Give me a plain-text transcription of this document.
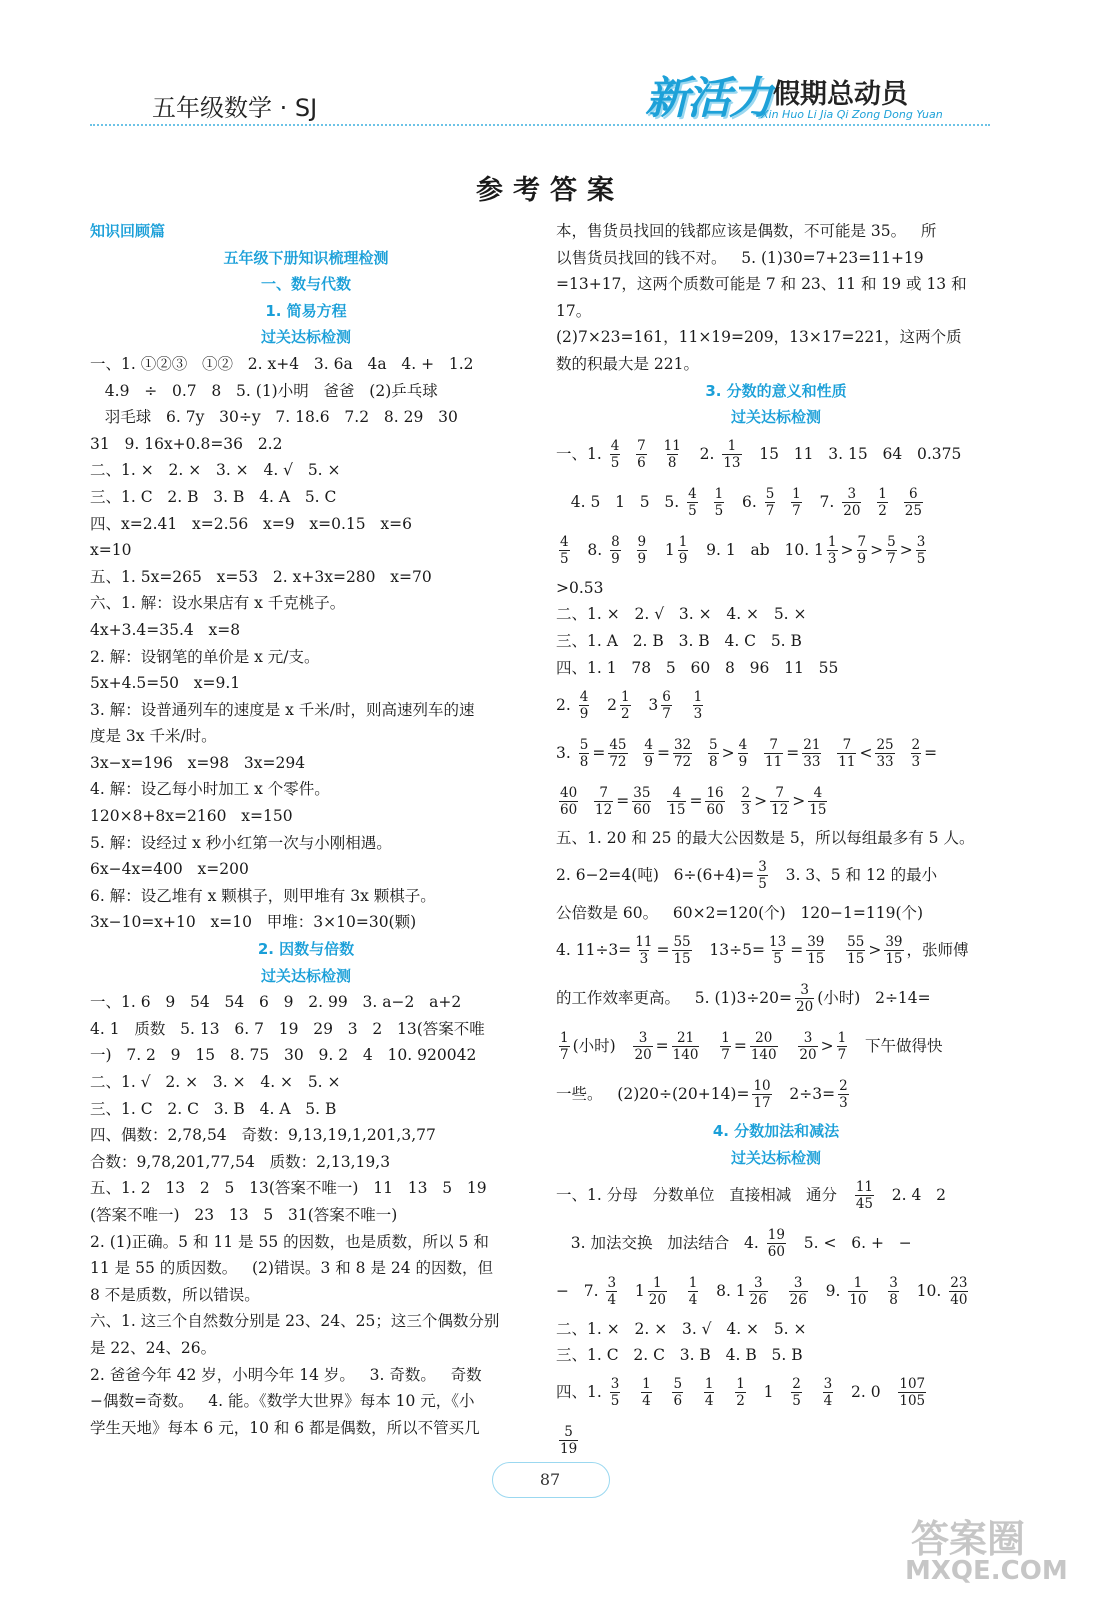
五年级数学 · SJ	新活力 假期总动员
Xin Huo Li Jia Qi Zong Dong Yuan
参考答案
知识回顾篇
五年级下册知识梳理检测
一、数与代数
1. 简易方程
过关达标检测
一、1. ①②③   ①②   2. x+4   3. 6a   4a   4. +   1.2
4.9   ÷   0.7   8   5. (1)小明   爸爸   (2)乒乓球
羽毛球   6. 7y   30÷y   7. 18.6   7.2   8. 29   30
31   9. 16x+0.8=36   2.2
二、1. ×   2. ×   3. ×   4. √   5. ×
三、1. C   2. B   3. B   4. A   5. C
四、x=2.41   x=2.56   x=9   x=0.15   x=6
x=10
五、1. 5x=265   x=53   2. x+3x=280   x=70
六、1. 解：设水果店有 x 千克桃子。
4x+3.4=35.4   x=8
2. 解：设钢笔的单价是 x 元/支。
5x+4.5=50   x=9.1
3. 解：设普通列车的速度是 x 千米/时，则高速列车的速
度是 3x 千米/时。
3x−x=196   x=98   3x=294
4. 解：设乙每小时加工 x 个零件。
120×8+8x=2160   x=150
5. 解：设经过 x 秒小红第一次与小刚相遇。
6x−4x=400   x=200
6. 解：设乙堆有 x 颗棋子，则甲堆有 3x 颗棋子。
3x−10=x+10   x=10   甲堆：3×10=30(颗)
2. 因数与倍数
过关达标检测
一、1. 6   9   54   54   6   9   2. 99   3. a−2   a+2
4. 1   质数   5. 13   6. 7   19   29   3   2   13(答案不唯
一)   7. 2   9   15   8. 75   30   9. 2   4   10. 920042
二、1. √   2. ×   3. ×   4. ×   5. ×
三、1. C   2. C   3. B   4. A   5. B
四、偶数：2,78,54   奇数：9,13,19,1,201,3,77
合数：9,78,201,77,54   质数：2,13,19,3
五、1. 2   13   2   5   13(答案不唯一)   11   13   5   19
(答案不唯一)   23   13   5   31(答案不唯一)
2. (1)正确。5 和 11 是 55 的因数，也是质数，所以 5 和
11 是 55 的质因数。   (2)错误。3 和 8 是 24 的因数，但
8 不是质数，所以错误。
六、1. 这三个自然数分别是 23、24、25；这三个偶数分别
是 22、24、26。
2. 爸爸今年 42 岁，小明今年 14 岁。   3. 奇数。   奇数
−偶数=奇数。   4. 能。《数学大世界》每本 10 元，《小
学生天地》每本 6 元，10 和 6 都是偶数，所以不管买几
本，售货员找回的钱都应该是偶数，不可能是 35。   所
以售货员找回的钱不对。   5. (1)30=7+23=11+19
=13+17，这两个质数可能是 7 和 23、11 和 19 或 13 和
17。
(2)7×23=161，11×19=209，13×17=221，这两个质
数的积最大是 221。
3. 分数的意义和性质
过关达标检测
一、1. $\frac{4}{5}$
$\frac{7}{6}$
$\frac{11}{8} 2$. $\frac{1}{13} 15$   11   3. 15   64   0.375
4. 5   1   5   5. $\frac{4}{5}$
$\frac{1}{5} 6$. $\frac{5}{7}$
$\frac{1}{7} 7$. $\frac{3}{20}$
$\frac{1}{2}$
$\frac{6}{25}$
$\frac{4}{5} 8$. $\frac{8}{9}$
$\frac{9}{9} 1 \frac{1}{9} 9$. 1   ab   10. $1 \frac{1}{3} > \frac{7}{9} > \frac{5}{7} > \frac{3}{5}$
>0.53
二、1. ×   2. √   3. ×   4. ×   5. ×
三、1. A   2. B   3. B   4. C   5. B
四、1. 1   78   5   60   8   96   11   55
2. $\frac{4}{9} 2 \frac{1}{2} 3 \frac{6}{7}$
$\frac{1}{3}$
3. $\frac{5}{8} = \frac{45}{72}$
$\frac{4}{9} = \frac{32}{72}$
$\frac{5}{8} > \frac{4}{9}$
$\frac{7}{11} = \frac{21}{33}$
$\frac{7}{11} < \frac{25}{33}$
$\frac{2}{3}$ =
$\frac{40}{60}$
$\frac{7}{12} = \frac{35}{60}$
$\frac{4}{15} = \frac{16}{60}$
$\frac{2}{3} > \frac{7}{12} > \frac{4}{15}$
五、1. 20 和 25 的最大公因数是 5，所以每组最多有 5 人。
2. 6−2=4(吨)   $6\div(6+4)= \frac{3}{5} 3$. 3、5 和 12 的最小
公倍数是 60。   60×2=120(个)   120−1=119(个)
4. $11\div 3= \frac{11}{3} = \frac{55}{15} 13\div 5= \frac{13}{5} = \frac{39}{15}$
$\frac{55}{15} > \frac{39}{15}$ ，张师傅
的工作效率更高。   5. $(1)3\div 20= \frac{3}{20}$ (小时)   2÷14=
$\frac{1}{7}$ (小时) $\frac{3}{20} = \frac{21}{140}$
$\frac{1}{7} = \frac{20}{140}$
$\frac{3}{20} > \frac{1}{7}$ 下午做得快
一些。   $(2)20\div(20+14)= \frac{10}{17} 2\div 3= \frac{2}{3}$
4. 分数加法和减法
过关达标检测
一、1. 分母   分数单位   直接相减   通分 $\frac{11}{45} 2$. 4   2
3. 加法交换   加法结合   4. $\frac{19}{60} 5$. <   6. +   −
−   7. $\frac{3}{4} 1 \frac{1}{20}$
$\frac{1}{4} 8$. $1 \frac{3}{26}$
$\frac{3}{26} 9$. $\frac{1}{10}$
$\frac{3}{8} 10$. $\frac{23}{40}$
二、1. ×   2. ×   3. √   4. ×   5. ×
三、1. C   2. C   3. B   4. B   5. B
四、1. $\frac{3}{5}$
$\frac{1}{4}$
$\frac{5}{6}$
$\frac{1}{4}$
$\frac{1}{2} 1 \frac{2}{5}$
$\frac{3}{4} 2$. $0 \frac{107}{105}$
$\frac{5}{19}$
87
答案圈
MXQE.COM
